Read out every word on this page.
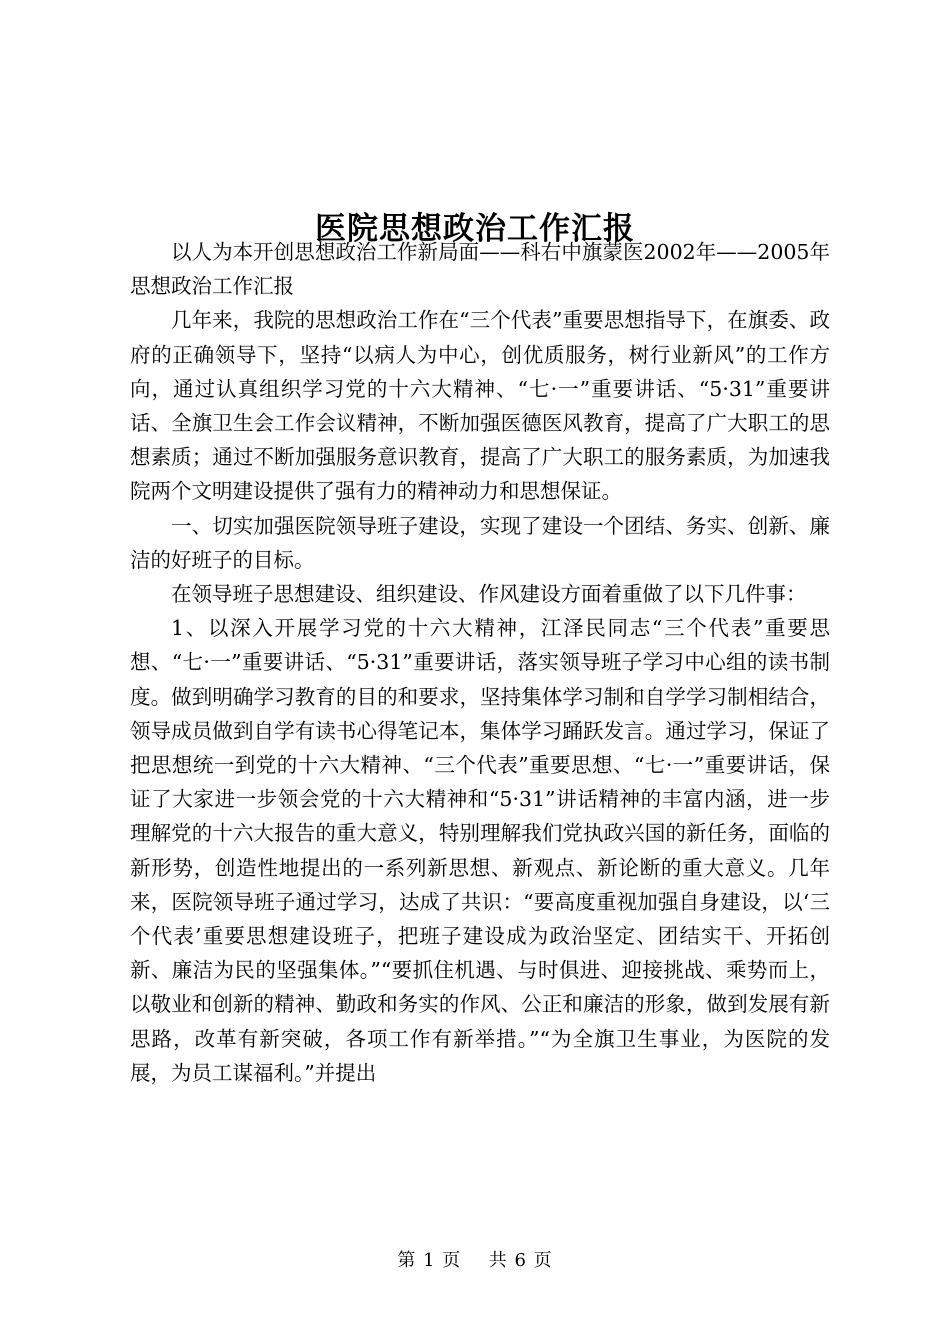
医院思想政治工作汇报

以人为本开创思想政治工作新局面——科右中旗蒙医2002年——2005年思想政治工作汇报

几年来，我院的思想政治工作在“三个代表”重要思想指导下，在旗委、政府的正确领导下，坚持“以病人为中心，创优质服务，树行业新风”的工作方向，通过认真组织学习党的十六大精神、“七·一”重要讲话、“5·31”重要讲话、全旗卫生会工作会议精神，不断加强医德医风教育，提高了广大职工的思想素质；通过不断加强服务意识教育，提高了广大职工的服务素质，为加速我院两个文明建设提供了强有力的精神动力和思想保证。

一、切实加强医院领导班子建设，实现了建设一个团结、务实、创新、廉洁的好班子的目标。

在领导班子思想建设、组织建设、作风建设方面着重做了以下几件事：

1、以深入开展学习党的十六大精神，江泽民同志“三个代表”重要思想、“七·一”重要讲话、“5·31”重要讲话，落实领导班子学习中心组的读书制度。做到明确学习教育的目的和要求，坚持集体学习制和自学学习制相结合，领导成员做到自学有读书心得笔记本，集体学习踊跃发言。通过学习，保证了把思想统一到党的十六大精神、“三个代表”重要思想、“七·一”重要讲话，保证了大家进一步领会党的十六大精神和“5·31”讲话精神的丰富内涵，进一步理解党的十六大报告的重大意义，特别理解我们党执政兴国的新任务，面临的新形势，创造性地提出的一系列新思想、新观点、新论断的重大意义。几年来，医院领导班子通过学习，达成了共识：“要高度重视加强自身建设，以‘三个代表’重要思想建设班子，把班子建设成为政治坚定、团结实干、开拓创新、廉洁为民的坚强集体。”“要抓住机遇、与时俱进、迎接挑战、乘势而上，以敬业和创新的精神、勤政和务实的作风、公正和廉洁的形象，做到发展有新思路，改革有新突破，各项工作有新举措。”“为全旗卫生事业，为医院的发展，为员工谋福利。”并提出

第 1 页 共 6 页
